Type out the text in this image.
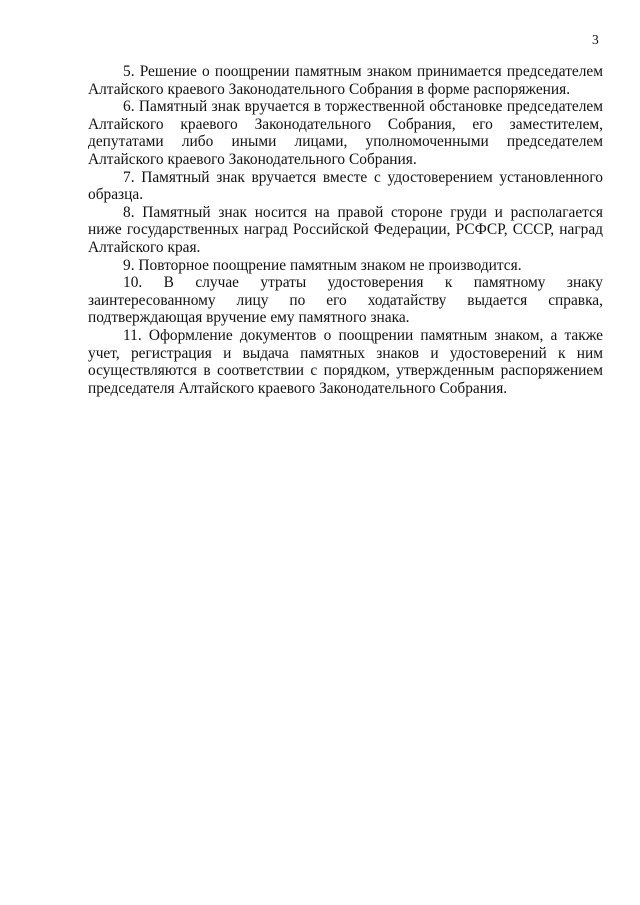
3

5. Решение о поощрении памятным знаком принимается председателем Алтайского краевого Законодательного Собрания в форме распоряжения.

6. Памятный знак вручается в торжественной обстановке председателем Алтайского краевого Законодательного Собрания, его заместителем, депутатами либо иными лицами, уполномоченными председателем Алтайского краевого Законодательного Собрания.

7. Памятный знак вручается вместе с удостоверением установленного образца.

8. Памятный знак носится на правой стороне груди и располагается ниже государственных наград Российской Федерации, РСФСР, СССР, наград Алтайского края.

9. Повторное поощрение памятным знаком не производится.

10. В случае утраты удостоверения к памятному знаку заинтересованному лицу по его ходатайству выдается справка, подтверждающая вручение ему памятного знака.

11. Оформление документов о поощрении памятным знаком, а также учет, регистрация и выдача памятных знаков и удостоверений к ним осуществляются в соответствии с порядком, утвержденным распоряжением председателя Алтайского краевого Законодательного Собрания.
